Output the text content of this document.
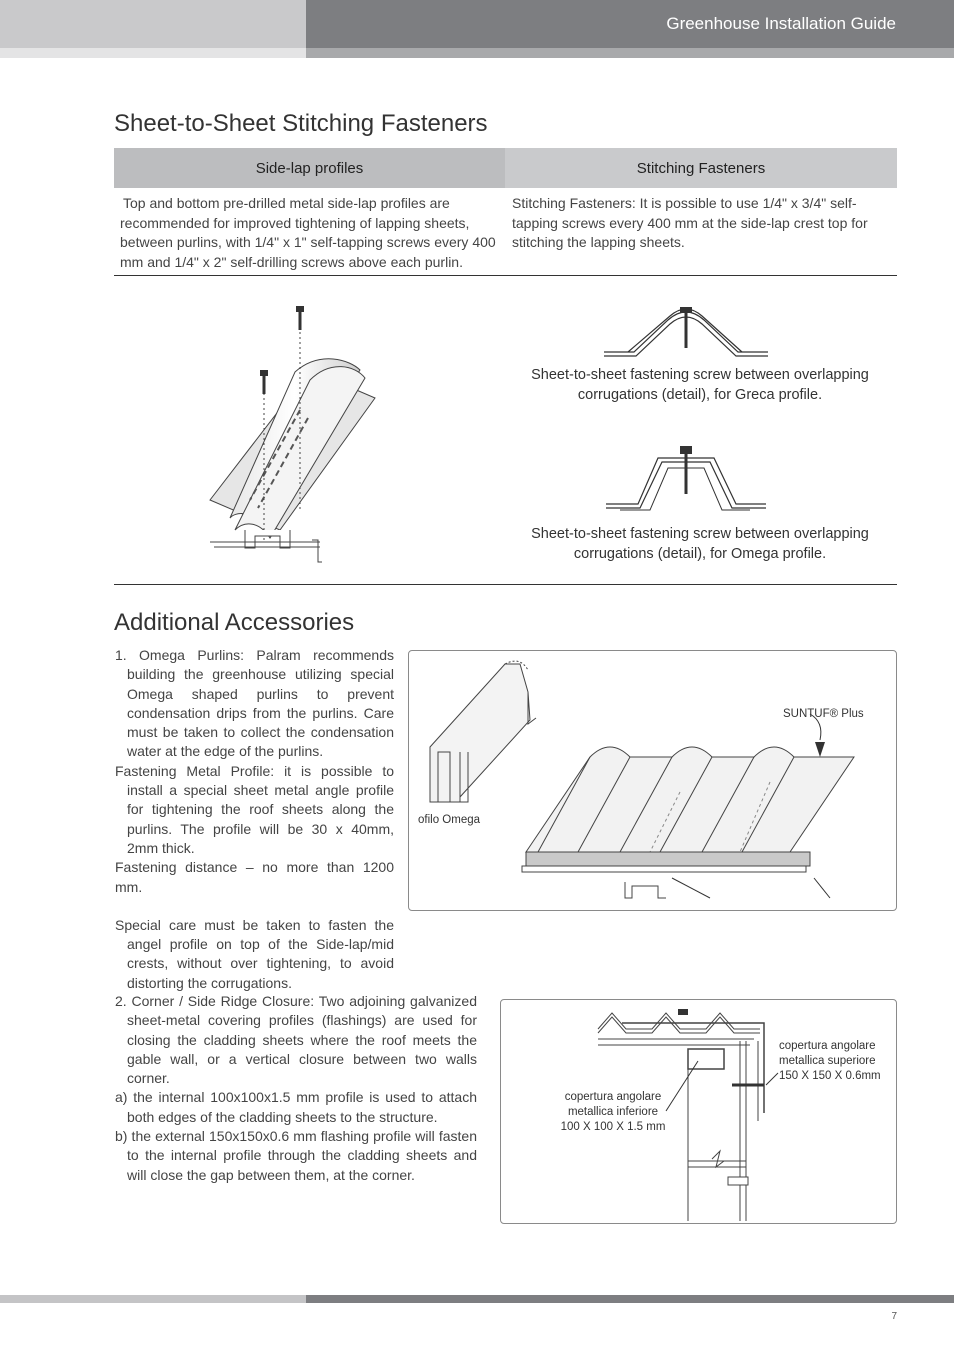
Greenhouse Installation Guide
Sheet-to-Sheet Stitching Fasteners
Side-lap profiles	Stitching Fasteners
Top and bottom pre-drilled metal side-lap profiles are recommended for improved tightening of lapping sheets, between purlins, with 1/4" x 1" self-tapping screws every 400 mm and 1/4" x 2" self-drilling screws above each purlin.
Stitching Fasteners: It is possible to use 1/4" x 3/4" self-tapping screws every 400 mm at the side-lap crest top for stitching the lapping sheets.
Sheet-to-sheet fastening screw between overlapping corrugations (detail), for Greca profile.
Sheet-to-sheet fastening screw between overlapping corrugations (detail), for Omega profile.
Additional Accessories

1. Omega Purlins: Palram recommends building the greenhouse utilizing special Omega shaped purlins to prevent condensation drips from the purlins. Care must be taken to collect the condensation water at the edge of the purlins.

Fastening Metal Profile: it is possible to install a special sheet metal angle profile for tightening the roof sheets along the purlins. The profile will be 30 x 40mm, 2mm thick.

Fastening distance – no more than 1200 mm.

Special care must be taken to fasten the angel profile on top of the Side-lap/mid crests, without over tightening, to avoid distorting the corrugations.

ofilo Omega
SUNTUF® Plus

2. Corner / Side Ridge Closure: Two adjoining galvanized sheet-metal covering profiles (flashings) are used for closing the cladding sheets where the roof meets the gable wall, or a vertical closure between two walls corner.

a) the internal 100x100x1.5 mm profile is used to attach both edges of the cladding sheets to the structure.

b) the external 150x150x0.6 mm flashing profile will fasten to the internal profile through the cladding sheets and will close the gap between them, at the corner.

copertura angolare
metallica superiore
150 X 150 X 0.6mm
copertura angolare
metallica inferiore
100 X 100 X 1.5 mm
7
